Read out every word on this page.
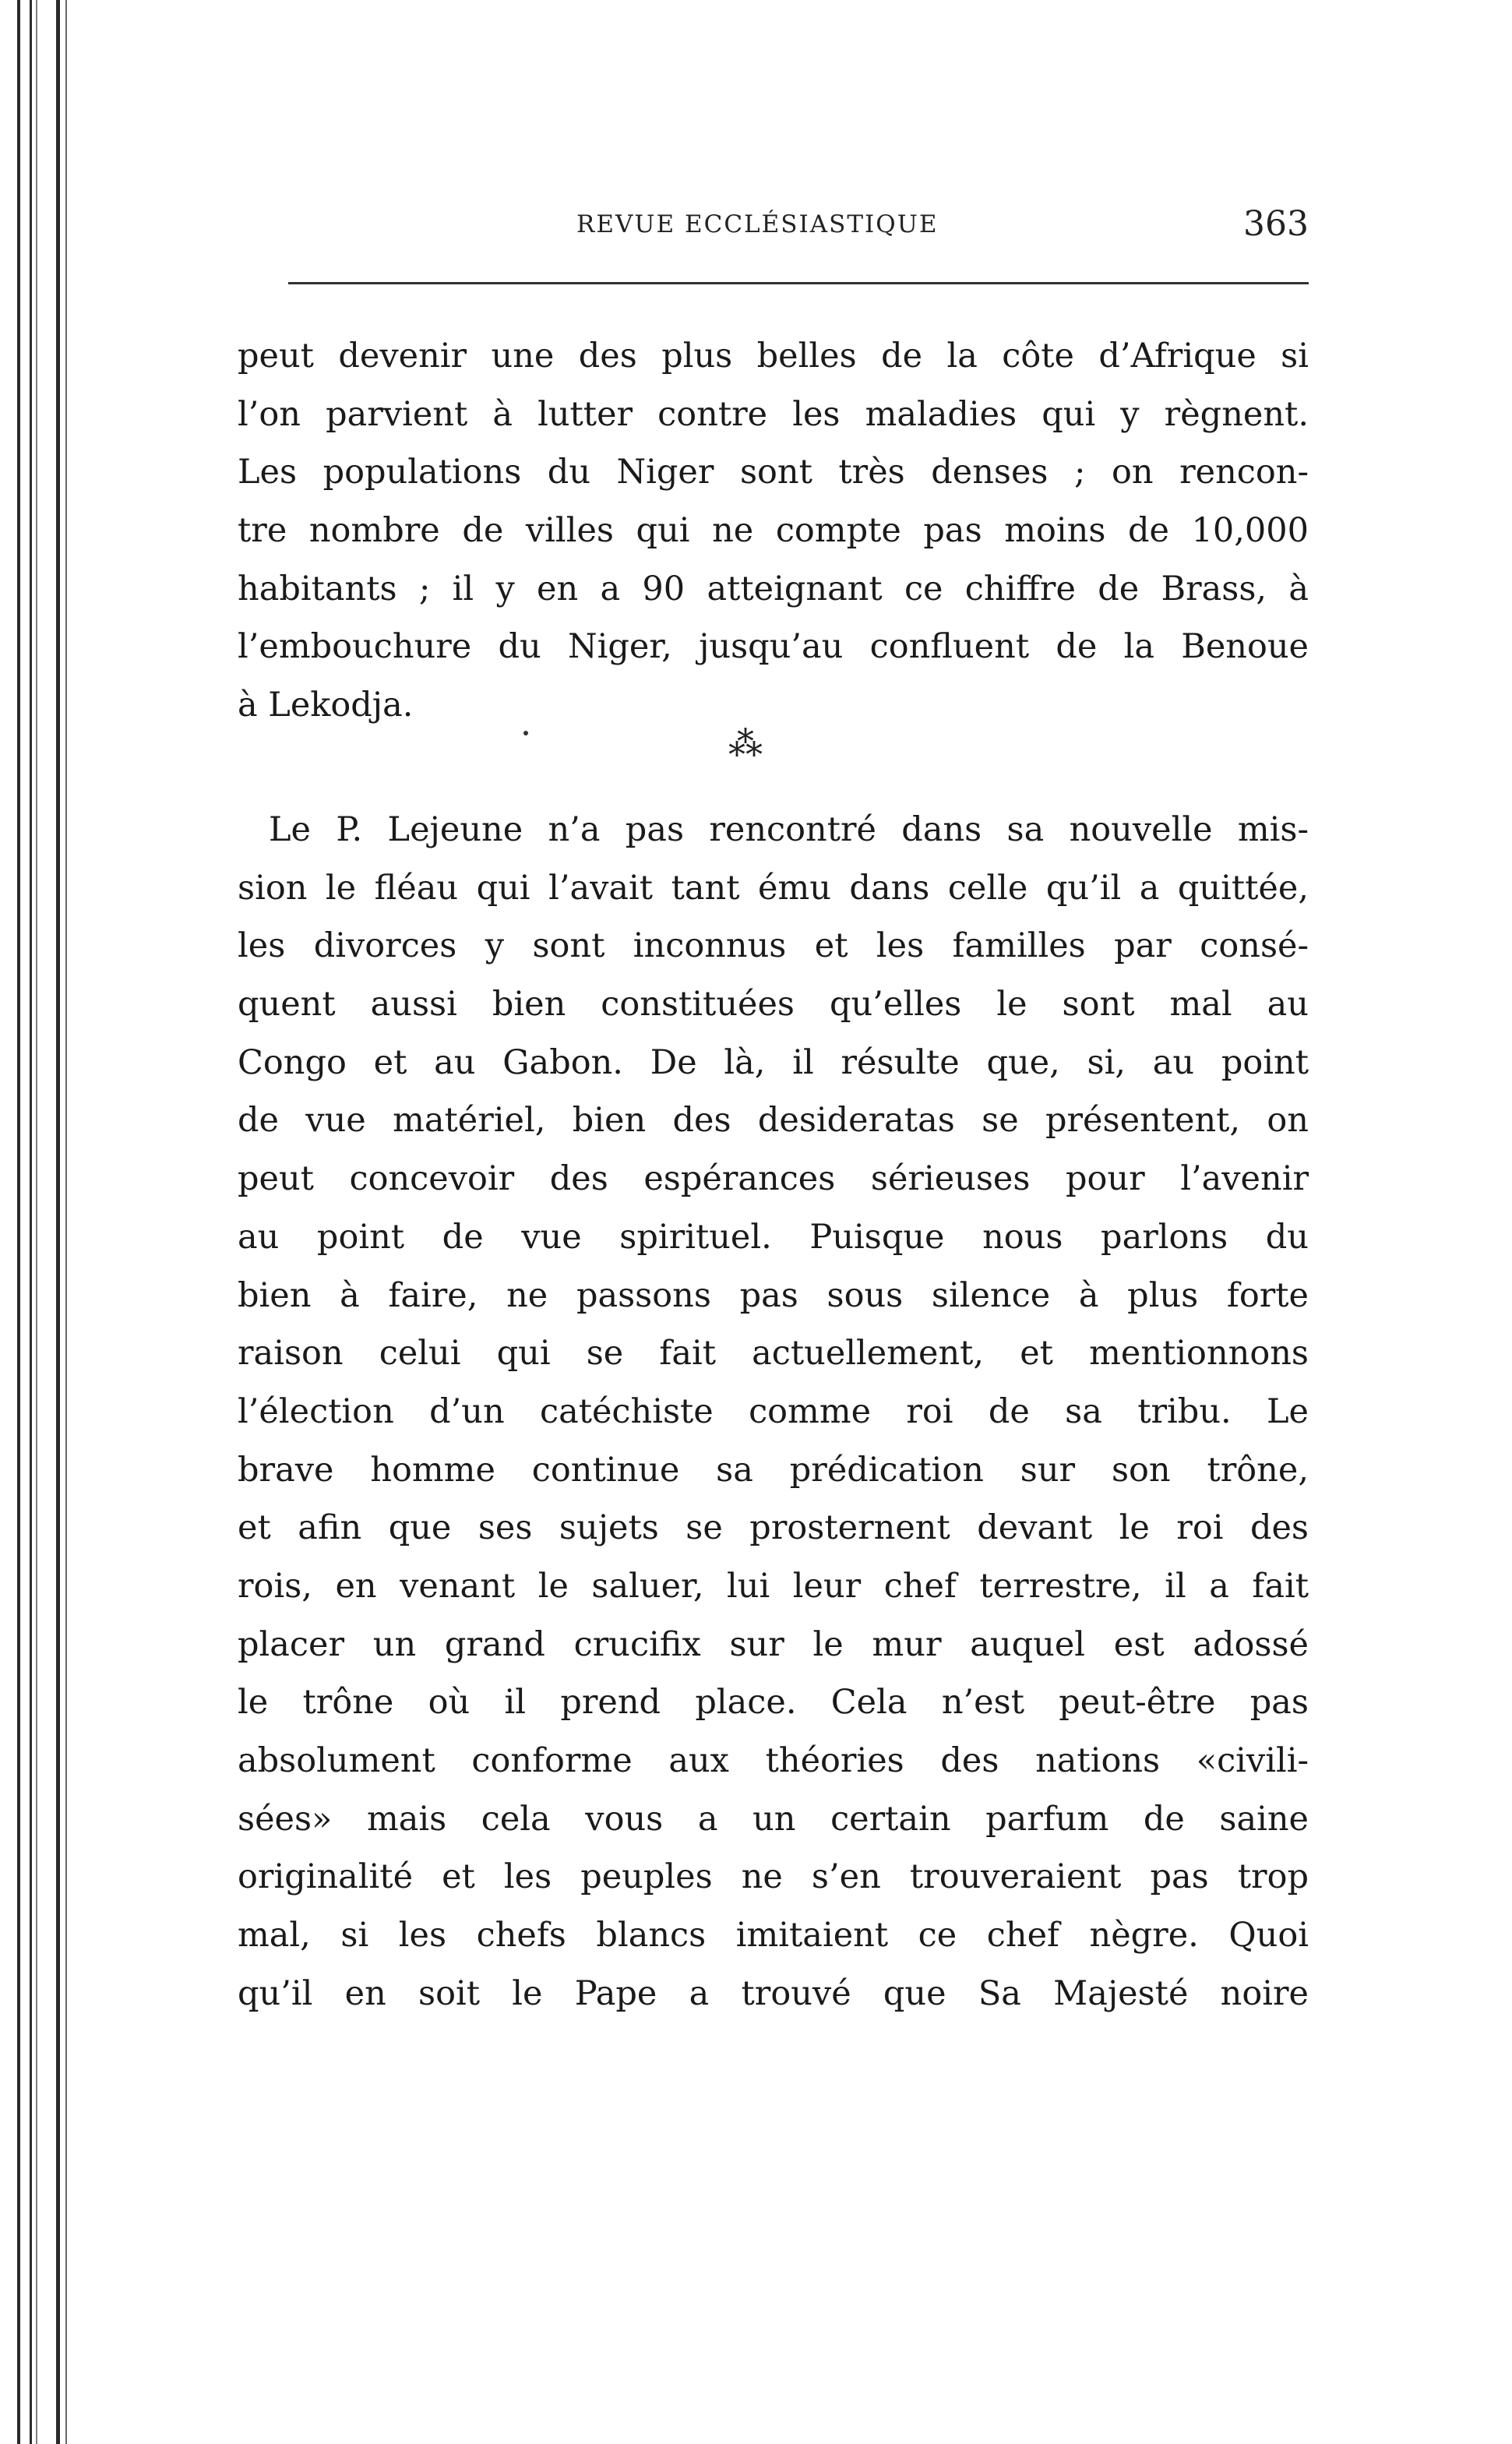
REVUE ECCLÉSIASTIQUE	363
peut devenir une des plus belles de la côte d’Afrique si
l’on parvient à lutter contre les maladies qui y règnent.
Les populations du Niger sont très denses ; on rencon-
tre nombre de villes qui ne compte pas moins de 10,000
habitants ; il y en a 90 atteignant ce chiffre de Brass, à
l’embouchure du Niger, jusqu’au confluent de la Benoue
à Lekodja.
⁂
Le P. Lejeune n’a pas rencontré dans sa nouvelle mis-
sion le fléau qui l’avait tant ému dans celle qu’il a quittée,
les divorces y sont inconnus et les familles par consé-
quent aussi bien constituées qu’elles le sont mal au
Congo et au Gabon. De là, il résulte que, si, au point
de vue matériel, bien des desideratas se présentent, on
peut concevoir des espérances sérieuses pour l’avenir
au point de vue spirituel. Puisque nous parlons du
bien à faire, ne passons pas sous silence à plus forte
raison celui qui se fait actuellement, et mentionnons
l’élection d’un catéchiste comme roi de sa tribu. Le
brave homme continue sa prédication sur son trône,
et afin que ses sujets se prosternent devant le roi des
rois, en venant le saluer, lui leur chef terrestre, il a fait
placer un grand crucifix sur le mur auquel est adossé
le trône où il prend place. Cela n’est peut-être pas
absolument conforme aux théories des nations «civili-
sées» mais cela vous a un certain parfum de saine
originalité et les peuples ne s’en trouveraient pas trop
mal, si les chefs blancs imitaient ce chef nègre. Quoi
qu’il en soit le Pape a trouvé que Sa Majesté noire
